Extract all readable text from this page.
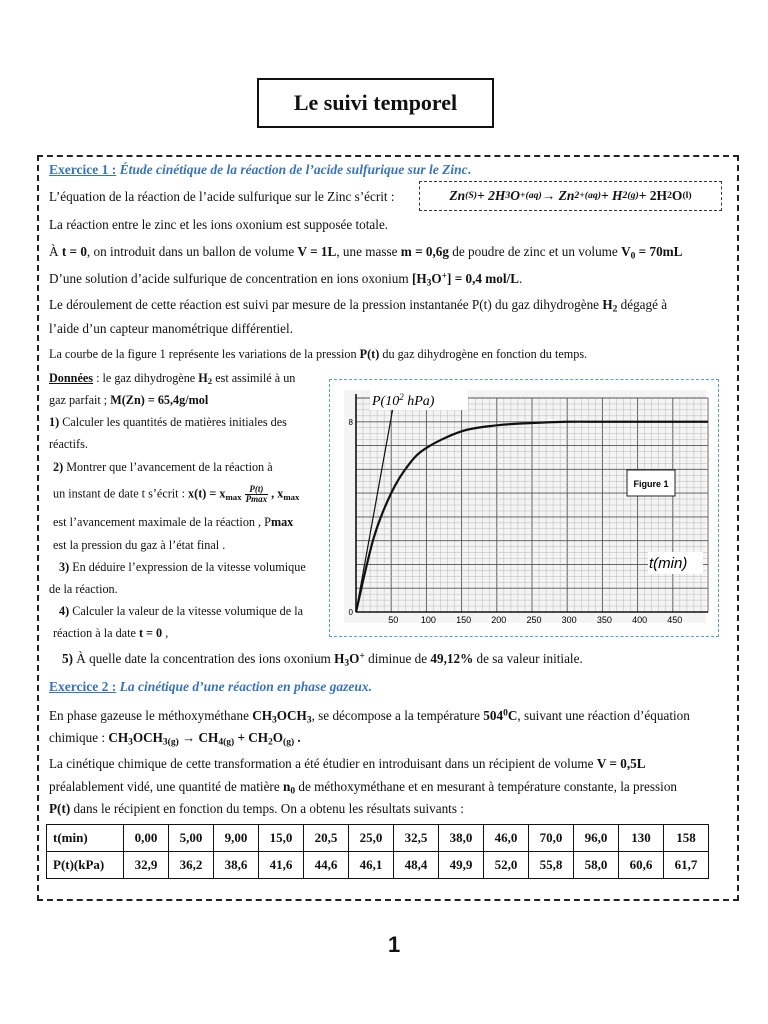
Le suivi temporel
Exercice 1 : Étude cinétique de la réaction de l’acide sulfurique sur le Zinc.
L’équation de la réaction de l’acide sulfurique sur le Zinc s’écrit :	Zn (S) + 2H 3 O + (aq) → Zn 2+ (aq) + H 2(g) + 2H 2 O (l)
La réaction entre le zinc et les ions oxonium est supposée totale.
À t = 0, on introduit dans un ballon de volume V = 1L, une masse m = 0,6g de poudre de zinc et un volume $V_0 = 70mL$
D’une solution d’acide sulfurique de concentration en ions oxonium $[H_3O^+] = 0,4$ mol/L.
Le déroulement de cette réaction est suivi par mesure de la pression instantanée P(t) du gaz dihydrogène $H_2$ dégagé à
l’aide d’un capteur manométrique différentiel.
La courbe de la figure 1 représente les variations de la pression P(t) du gaz dihydrogène en fonction du temps.
Données : le gaz dihydrogène $H_2$ est assimilé à un
gaz parfait ; M(Zn) = 65,4g/mol
1) Calculer les quantités de matières initiales des
réactifs.
2) Montrer que l’avancement de la réaction à
un instant de date t s’écrit : $x(t) = x_{max} \frac{P(t)}{Pmax}$ , $x_{max}$
est l’avancement maximale de la réaction , Pmax
est la pression du gaz à l’état final .
3) En déduire l’expression de la vitesse volumique
de la réaction.
4) Calculer la valeur de la vitesse volumique de la
réaction à la date t = 0 ,
5) À quelle date la concentration des ions oxonium $H_3O^+$ diminue de 49,12% de sa valeur initiale.
50	100 150 200 250 300 350 400 450
0
8
Figure 1
t(min)
$P(10^2$ hPa)
Exercice 2 : La cinétique d’une réaction en phase gazeux.
En phase gazeuse le méthoxyméthane $CH_3OCH_3$, se décompose a la température $504^0C$, suivant une réaction d’équation
chimique : $CH_3OCH_{3(g)} \to CH_{4(g)} + CH_2O_{(g)}$ .
La cinétique chimique de cette transformation a été étudier en introduisant dans un récipient de volume V = 0,5L
préalablement vidé, une quantité de matière $n_0$ de méthoxyméthane et en mesurant à température constante, la pression
P(t) dans le récipient en fonction du temps. On a obtenu les résultats suivants :
t(min)	0,00	5,00	9,00	15,0	20,5	25,0	32,5	38,0	46,0	70,0	96,0	130	158
P(t)(kPa)	32,9	36,2	38,6	41,6	44,6	46,1	48,4	49,9	52,0	55,8	58,0	60,6	61,7
1
